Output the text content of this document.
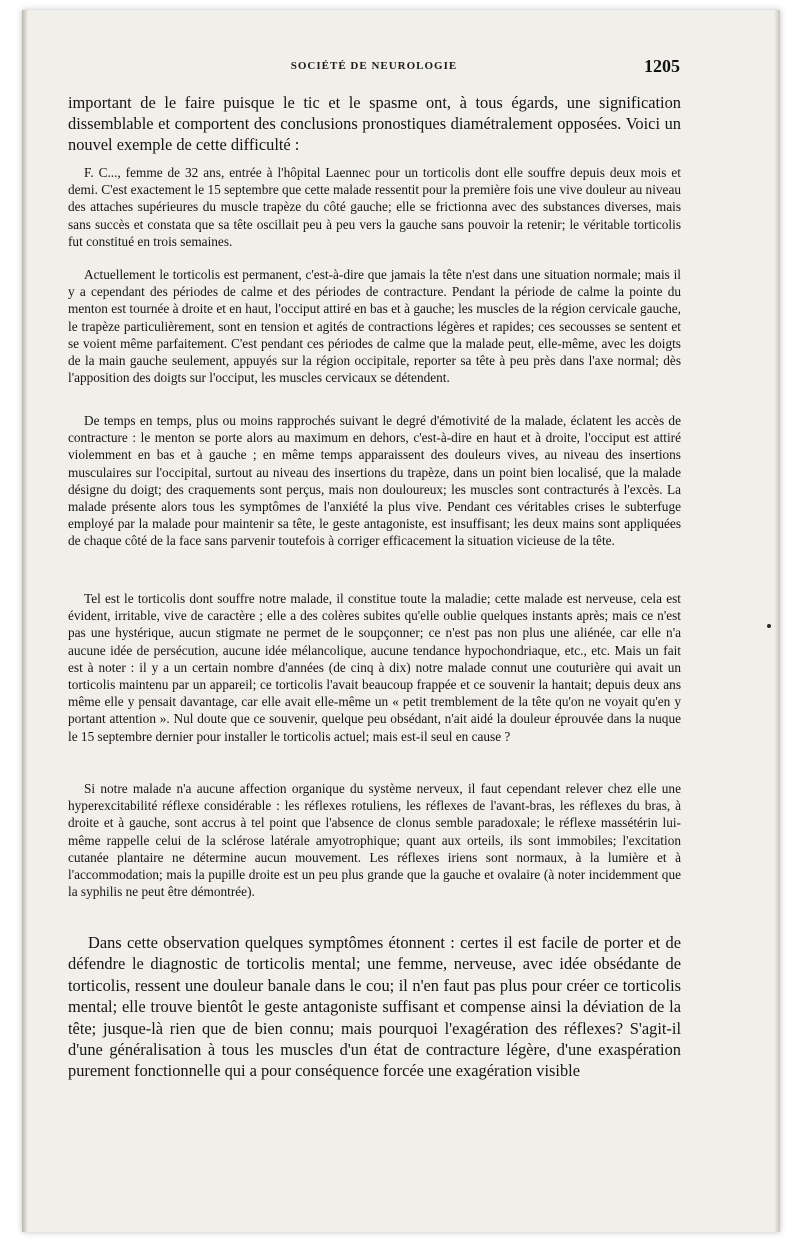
SOCIÉTÉ DE NEUROLOGIE	1205

important de le faire puisque le tic et le spasme ont, à tous égards, une signification dissemblable et comportent des conclusions pronostiques diamétralement opposées. Voici un nouvel exemple de cette difficulté :

F. C..., femme de 32 ans, entrée à l'hôpital Laennec pour un torticolis dont elle souffre depuis deux mois et demi. C'est exactement le 15 septembre que cette malade ressentit pour la première fois une vive douleur au niveau des attaches supérieures du muscle trapèze du côté gauche; elle se frictionna avec des substances diverses, mais sans succès et constata que sa tête oscillait peu à peu vers la gauche sans pouvoir la retenir; le véritable torticolis fut constitué en trois semaines.

Actuellement le torticolis est permanent, c'est-à-dire que jamais la tête n'est dans une situation normale; mais il y a cependant des périodes de calme et des périodes de contracture. Pendant la période de calme la pointe du menton est tournée à droite et en haut, l'occiput attiré en bas et à gauche; les muscles de la région cervicale gauche, le trapèze particulièrement, sont en tension et agités de contractions légères et rapides; ces secousses se sentent et se voient même parfaitement. C'est pendant ces périodes de calme que la malade peut, elle-même, avec les doigts de la main gauche seulement, appuyés sur la région occipitale, reporter sa tête à peu près dans l'axe normal; dès l'apposition des doigts sur l'occiput, les muscles cervicaux se détendent.

De temps en temps, plus ou moins rapprochés suivant le degré d'émotivité de la malade, éclatent les accès de contracture : le menton se porte alors au maximum en dehors, c'est-à-dire en haut et à droite, l'occiput est attiré violemment en bas et à gauche ; en même temps apparaissent des douleurs vives, au niveau des insertions musculaires sur l'occipital, surtout au niveau des insertions du trapèze, dans un point bien localisé, que la malade désigne du doigt; des craquements sont perçus, mais non douloureux; les muscles sont contracturés à l'excès. La malade présente alors tous les symptômes de l'anxiété la plus vive. Pendant ces véritables crises le subterfuge employé par la malade pour maintenir sa tête, le geste antagoniste, est insuffisant; les deux mains sont appliquées de chaque côté de la face sans parvenir toutefois à corriger efficacement la situation vicieuse de la tête.

Tel est le torticolis dont souffre notre malade, il constitue toute la maladie; cette malade est nerveuse, cela est évident, irritable, vive de caractère ; elle a des colères subites qu'elle oublie quelques instants après; mais ce n'est pas une hystérique, aucun stigmate ne permet de le soupçonner; ce n'est pas non plus une aliénée, car elle n'a aucune idée de persécution, aucune idée mélancolique, aucune tendance hypochondriaque, etc., etc. Mais un fait est à noter : il y a un certain nombre d'années (de cinq à dix) notre malade connut une couturière qui avait un torticolis maintenu par un appareil; ce torticolis l'avait beaucoup frappée et ce souvenir la hantait; depuis deux ans même elle y pensait davantage, car elle avait elle-même un « petit tremblement de la tête qu'on ne voyait qu'en y portant attention ». Nul doute que ce souvenir, quelque peu obsédant, n'ait aidé la douleur éprouvée dans la nuque le 15 septembre dernier pour installer le torticolis actuel; mais est-il seul en cause ?

Si notre malade n'a aucune affection organique du système nerveux, il faut cependant relever chez elle une hyperexcitabilité réflexe considérable : les réflexes rotuliens, les réflexes de l'avant-bras, les réflexes du bras, à droite et à gauche, sont accrus à tel point que l'absence de clonus semble paradoxale; le réflexe massétérin lui-même rappelle celui de la sclérose latérale amyotrophique; quant aux orteils, ils sont immobiles; l'excitation cutanée plantaire ne détermine aucun mouvement. Les réflexes iriens sont normaux, à la lumière et à l'accommodation; mais la pupille droite est un peu plus grande que la gauche et ovalaire (à noter incidemment que la syphilis ne peut être démontrée).

Dans cette observation quelques symptômes étonnent : certes il est facile de porter et de défendre le diagnostic de torticolis mental; une femme, nerveuse, avec idée obsédante de torticolis, ressent une douleur banale dans le cou; il n'en faut pas plus pour créer ce torticolis mental; elle trouve bientôt le geste antagoniste suffisant et compense ainsi la déviation de la tête; jusque-là rien que de bien connu; mais pourquoi l'exagération des réflexes? S'agit-il d'une généralisation à tous les muscles d'un état de contracture légère, d'une exaspération purement fonctionnelle qui a pour conséquence forcée une exagération visible
